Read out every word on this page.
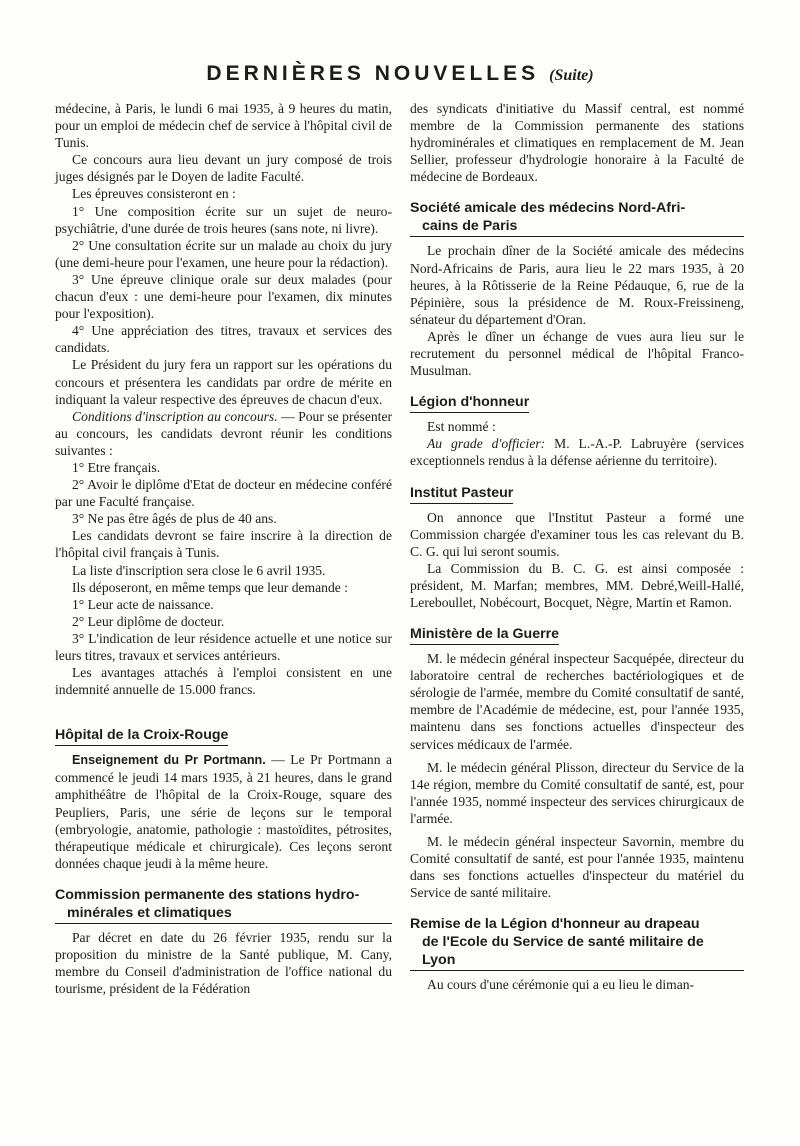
DERNIÈRES NOUVELLES (Suite)

médecine, à Paris, le lundi 6 mai 1935, à 9 heures du matin, pour un emploi de médecin chef de service à l'hôpital civil de Tunis.

Ce concours aura lieu devant un jury composé de trois juges désignés par le Doyen de ladite Faculté.

Les épreuves consisteront en :

1° Une composition écrite sur un sujet de neuro-psychiâtrie, d'une durée de trois heures (sans note, ni livre).

2° Une consultation écrite sur un malade au choix du jury (une demi-heure pour l'examen, une heure pour la rédaction).

3° Une épreuve clinique orale sur deux malades (pour chacun d'eux : une demi-heure pour l'examen, dix minutes pour l'exposition).

4° Une appréciation des titres, travaux et services des candidats.

Le Président du jury fera un rapport sur les opérations du concours et présentera les candidats par ordre de mérite en indiquant la valeur respective des épreuves de chacun d'eux.

Conditions d'inscription au concours. — Pour se présenter au concours, les candidats devront réunir les conditions suivantes :

1° Etre français.

2° Avoir le diplôme d'Etat de docteur en médecine conféré par une Faculté française.

3° Ne pas être âgés de plus de 40 ans.

Les candidats devront se faire inscrire à la direction de l'hôpital civil français à Tunis.

La liste d'inscription sera close le 6 avril 1935.

Ils déposeront, en même temps que leur demande :

1° Leur acte de naissance.

2° Leur diplôme de docteur.

3° L'indication de leur résidence actuelle et une notice sur leurs titres, travaux et services antérieurs.

Les avantages attachés à l'emploi consistent en une indemnité annuelle de 15.000 francs.

Hôpital de la Croix-Rouge

Enseignement du Pr Portmann. — Le Pr Portmann a commencé le jeudi 14 mars 1935, à 21 heures, dans le grand amphithéâtre de l'hôpital de la Croix-Rouge, square des Peupliers, Paris, une série de leçons sur le temporal (embryologie, anatomie, pathologie : mastoïdites, pétrosites, thérapeutique médicale et chirurgicale). Ces leçons seront données chaque jeudi à la même heure.

Commission permanente des stations hydro-
minérales et climatiques

Par décret en date du 26 février 1935, rendu sur la proposition du ministre de la Santé publique, M. Cany, membre du Conseil d'administration de l'office national du tourisme, président de la Fédération

des syndicats d'initiative du Massif central, est nommé membre de la Commission permanente des stations hydrominérales et climatiques en remplacement de M. Jean Sellier, professeur d'hydrologie honoraire à la Faculté de médecine de Bordeaux.

Société amicale des médecins Nord-Afri-
cains de Paris

Le prochain dîner de la Société amicale des médecins Nord-Africains de Paris, aura lieu le 22 mars 1935, à 20 heures, à la Rôtisserie de la Reine Pédauque, 6, rue de la Pépinière, sous la présidence de M. Roux-Freissineng, sénateur du département d'Oran.

Après le dîner un échange de vues aura lieu sur le recrutement du personnel médical de l'hôpital Franco-Musulman.

Légion d'honneur

Est nommé :

Au grade d'officier: M. L.-A.-P. Labruyère (services exceptionnels rendus à la défense aérienne du territoire).

Institut Pasteur

On annonce que l'Institut Pasteur a formé une Commission chargée d'examiner tous les cas relevant du B. C. G. qui lui seront soumis.

La Commission du B. C. G. est ainsi composée : président, M. Marfan; membres, MM. Debré,Weill-Hallé, Lereboullet, Nobécourt, Bocquet, Nègre, Martin et Ramon.

Ministère de la Guerre

M. le médecin général inspecteur Sacquépée, directeur du laboratoire central de recherches bactériologiques et de sérologie de l'armée, membre du Comité consultatif de santé, membre de l'Académie de médecine, est, pour l'année 1935, maintenu dans ses fonctions actuelles d'inspecteur des services médicaux de l'armée.

M. le médecin général Plisson, directeur du Service de la 14e région, membre du Comité consultatif de santé, est, pour l'année 1935, nommé inspecteur des services chirurgicaux de l'armée.

M. le médecin général inspecteur Savornin, membre du Comité consultatif de santé, est pour l'année 1935, maintenu dans ses fonctions actuelles d'inspecteur du matériel du Service de santé militaire.

Remise de la Légion d'honneur au drapeau
de l'Ecole du Service de santé militaire de
Lyon

Au cours d'une cérémonie qui a eu lieu le diman-
